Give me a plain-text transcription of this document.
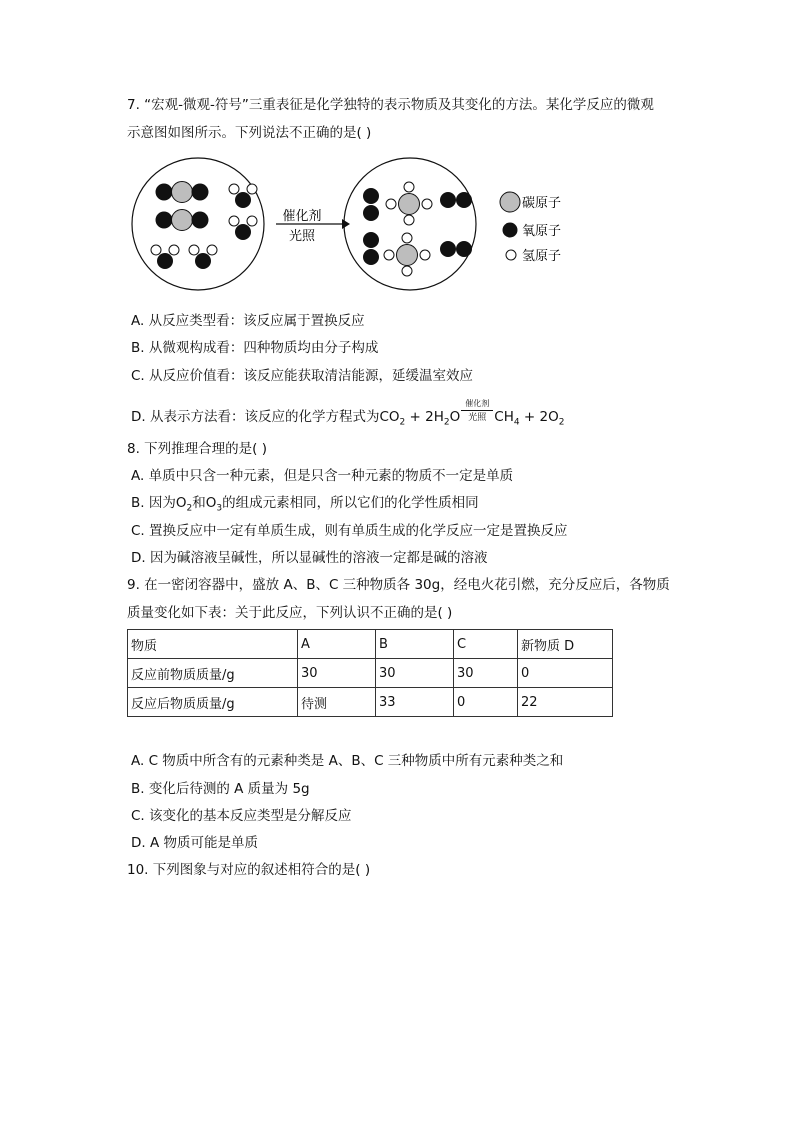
7. “宏观-微观-符号”三重表征是化学独特的表示物质及其变化的方法。某化学反应的微观
示意图如图所示。下列说法不正确的是( )
催化剂
光照
碳原子
氧原子
氢原子
A. 从反应类型看：该反应属于置换反应
B. 从微观构成看：四种物质均由分子构成
C. 从反应价值看：该反应能获取清洁能源，延缓温室效应
D. 从表示方法看：该反应的化学方程式为$CO_2 + 2H_2O$
催化剂
光照 $CH_4 + 2O_2$
8. 下列推理合理的是( )
A. 单质中只含一种元素，但是只含一种元素的物质不一定是单质
B. 因为$O_2$和$O_3$的组成元素相同，所以它们的化学性质相同
C. 置换反应中一定有单质生成，则有单质生成的化学反应一定是置换反应
D. 因为碱溶液呈碱性，所以显碱性的溶液一定都是碱的溶液
9. 在一密闭容器中，盛放 A、B、C 三种物质各 30g，经电火花引燃，充分反应后，各物质
质量变化如下表：关于此反应，下列认识不正确的是( )
物质	A	B	C	新物质 D
反应前物质质量/g	30	30	30	0
反应后物质质量/g	待测	33	0	22
A. C 物质中所含有的元素种类是 A、B、C 三种物质中所有元素种类之和
B. 变化后待测的 A 质量为 5g
C. 该变化的基本反应类型是分解反应
D. A 物质可能是单质
10. 下列图象与对应的叙述相符合的是( )
